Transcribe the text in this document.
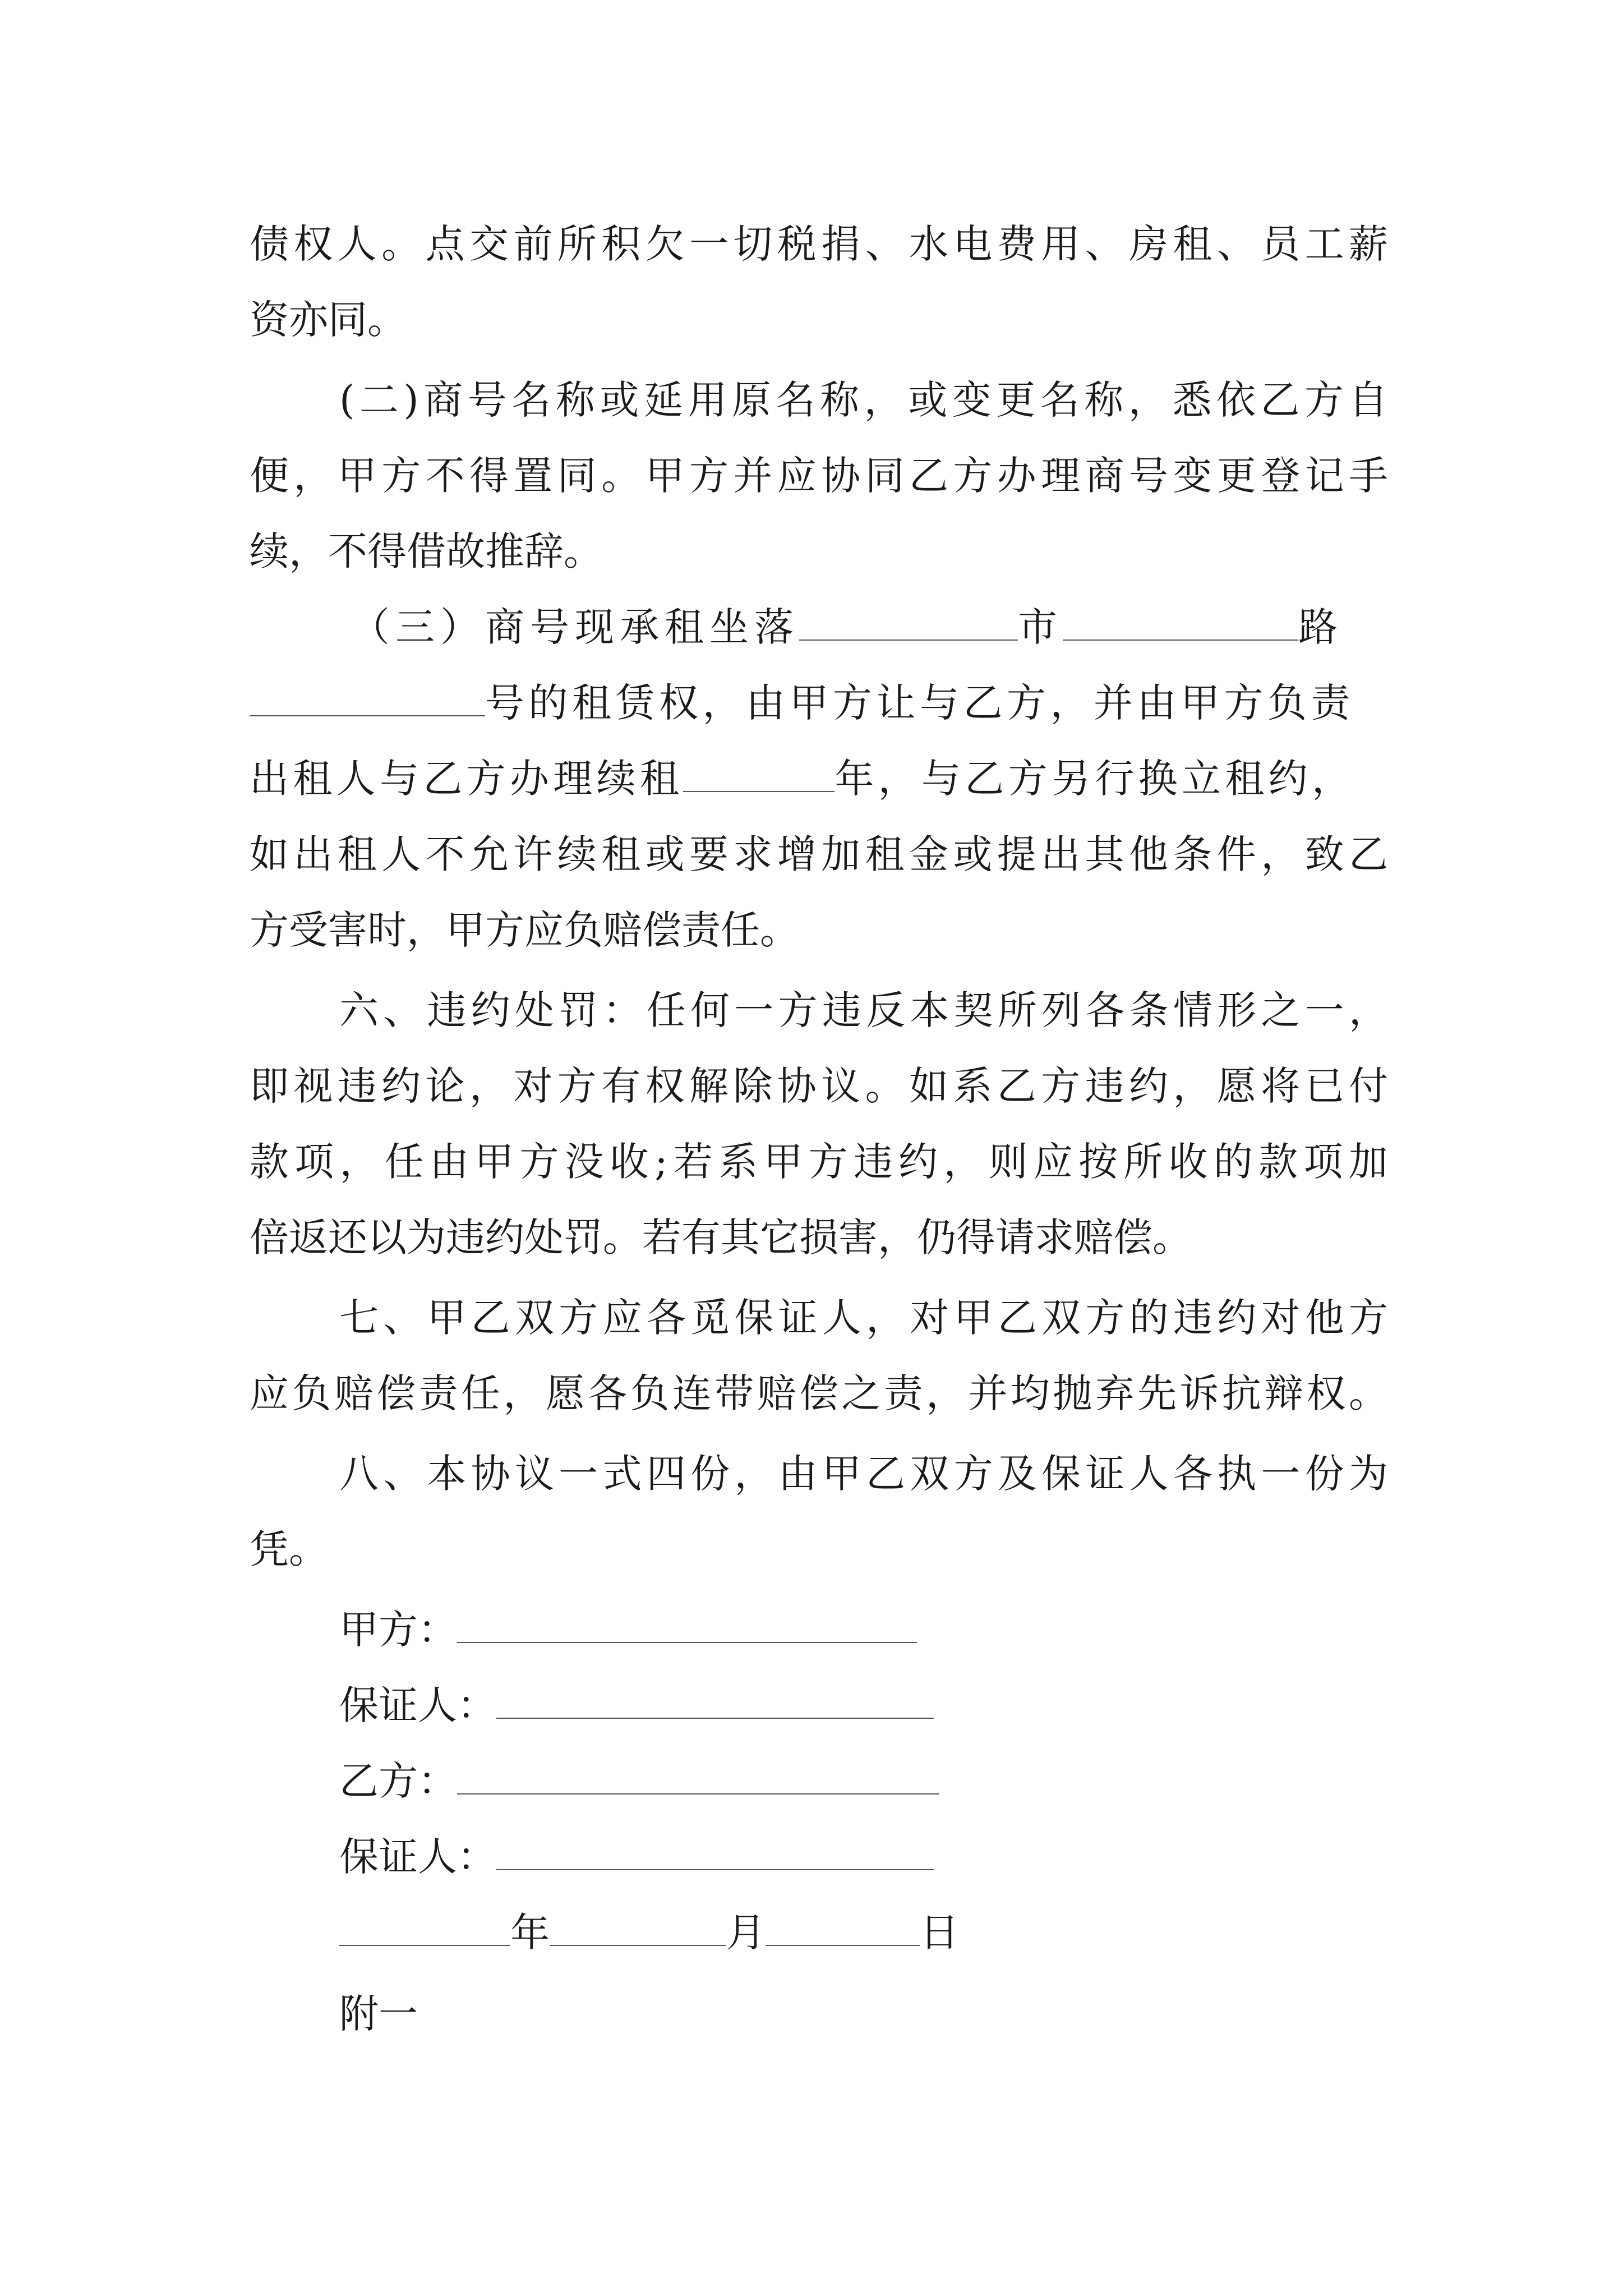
债权人。点交前所积欠一切税捐、水电费用、房租、员工薪
资亦同。
(二)商号名称或延用原名称，或变更名称，悉依乙方自
便，甲方不得置同。甲方并应协同乙方办理商号变更登记手
续，不得借故推辞。
（三）商号现承租坐落	市	路
号的租赁权，由甲方让与乙方，并由甲方负责
出租人与乙方办理续租	年，与乙方另行换立租约，
如出租人不允许续租或要求增加租金或提出其他条件，致乙
方受害时，甲方应负赔偿责任。
六、违约处罚：任何一方违反本契所列各条情形之一，
即视违约论，对方有权解除协议。如系乙方违约，愿将已付
款项，任由甲方没收;若系甲方违约，则应按所收的款项加
倍返还以为违约处罚。若有其它损害，仍得请求赔偿。
七、甲乙双方应各觅保证人，对甲乙双方的违约对他方
应负赔偿责任，愿各负连带赔偿之责，并均抛弃先诉抗辩权。
八、本协议一式四份，由甲乙双方及保证人各执一份为
凭。
甲方：
保证人：
乙方：
保证人：
年	月	日
附一
